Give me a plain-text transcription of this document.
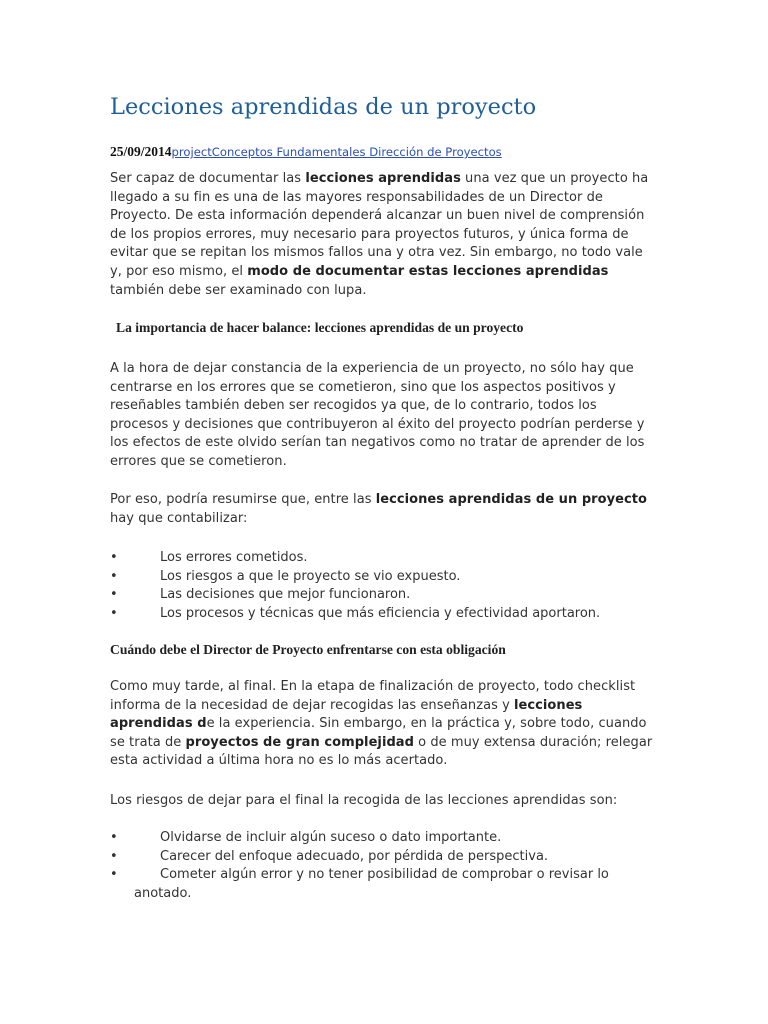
Lecciones aprendidas de un proyecto
25/09/2014projectConceptos Fundamentales Dirección de Proyectos

Ser capaz de documentar las lecciones aprendidas una vez que un proyecto ha llegado a su fin es una de las mayores responsabilidades de un Director de Proyecto. De esta información dependerá alcanzar un buen nivel de comprensión de los propios errores, muy necesario para proyectos futuros, y única forma de evitar que se repitan los mismos fallos una y otra vez. Sin embargo, no todo vale y, por eso mismo, el modo de documentar estas lecciones aprendidas también debe ser examinado con lupa.

La importancia de hacer balance: lecciones aprendidas de un proyecto

A la hora de dejar constancia de la experiencia de un proyecto, no sólo hay que centrarse en los errores que se cometieron, sino que los aspectos positivos y reseñables también deben ser recogidos ya que, de lo contrario, todos los procesos y decisiones que contribuyeron al éxito del proyecto podrían perderse y los efectos de este olvido serían tan negativos como no tratar de aprender de los errores que se cometieron.

Por eso, podría resumirse que, entre las lecciones aprendidas de un proyecto hay que contabilizar:

•	Los errores cometidos.
•	Los riesgos a que le proyecto se vio expuesto.
•	Las decisiones que mejor funcionaron.
•	Los procesos y técnicas que más eficiencia y efectividad aportaron.
Cuándo debe el Director de Proyecto enfrentarse con esta obligación

Como muy tarde, al final. En la etapa de finalización de proyecto, todo checklist informa de la necesidad de dejar recogidas las enseñanzas y lecciones aprendidas de la experiencia. Sin embargo, en la práctica y, sobre todo, cuando se trata de proyectos de gran complejidad o de muy extensa duración; relegar esta actividad a última hora no es lo más acertado.

Los riesgos de dejar para el final la recogida de las lecciones aprendidas son:

•	Olvidarse de incluir algún suceso o dato importante.
•	Carecer del enfoque adecuado, por pérdida de perspectiva.
•	Cometer algún error y no tener posibilidad de comprobar o revisar lo
anotado.
